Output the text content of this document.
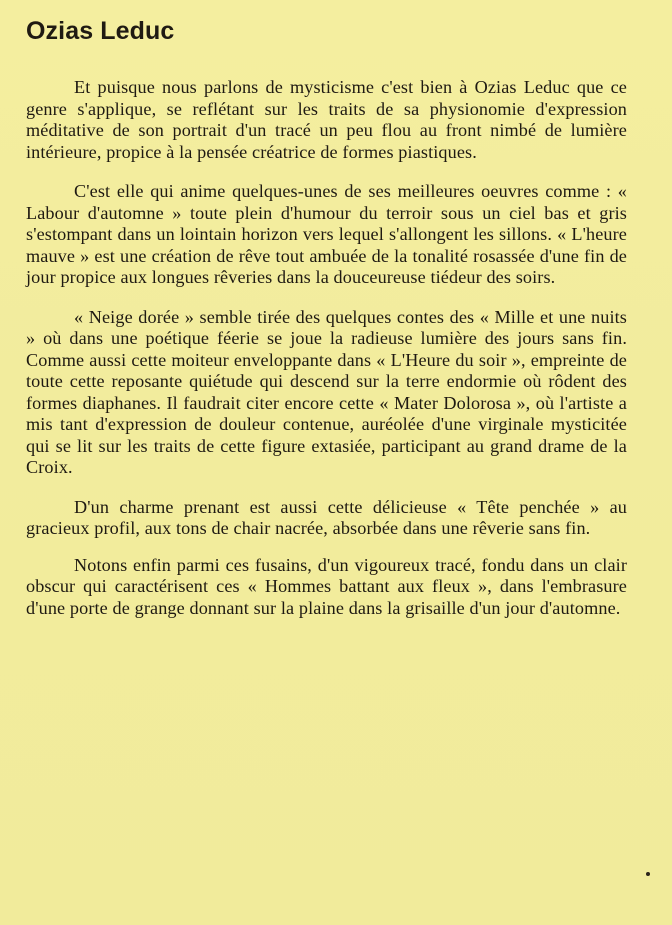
Ozias Leduc

Et puisque nous parlons de mysticisme c'est bien à Ozias Leduc que ce genre s'applique, se reflétant sur les traits de sa physionomie d'expression méditative de son portrait d'un tracé un peu flou au front nimbé de lumière intérieure, propice à la pensée créatrice de formes piastiques.

C'est elle qui anime quelques-unes de ses meilleures oeuvres comme : « Labour d'automne » toute plein d'humour du terroir sous un ciel bas et gris s'estompant dans un lointain horizon vers lequel s'allongent les sillons. « L'heure mauve » est une création de rêve tout ambuée de la tonalité rosassée d'une fin de jour propice aux longues rêveries dans la douceureuse tiédeur des soirs.

« Neige dorée » semble tirée des quelques contes des « Mille et une nuits » où dans une poétique féerie se joue la radieuse lumière des jours sans fin. Comme aussi cette moiteur enveloppante dans « L'Heure du soir », empreinte de toute cette reposante quiétude qui descend sur la terre endormie où rôdent des formes diaphanes. Il faudrait citer encore cette « Mater Dolorosa », où l'artiste a mis tant d'expression de douleur contenue, auréolée d'une virginale mysticitée qui se lit sur les traits de cette figure extasiée, participant au grand drame de la Croix.

D'un charme prenant est aussi cette délicieuse « Tête penchée » au gracieux profil, aux tons de chair nacrée, absorbée dans une rêverie sans fin.

Notons enfin parmi ces fusains, d'un vigoureux tracé, fondu dans un clair obscur qui caractérisent ces « Hommes battant aux fleux », dans l'embrasure d'une porte de grange donnant sur la plaine dans la grisaille d'un jour d'automne.
